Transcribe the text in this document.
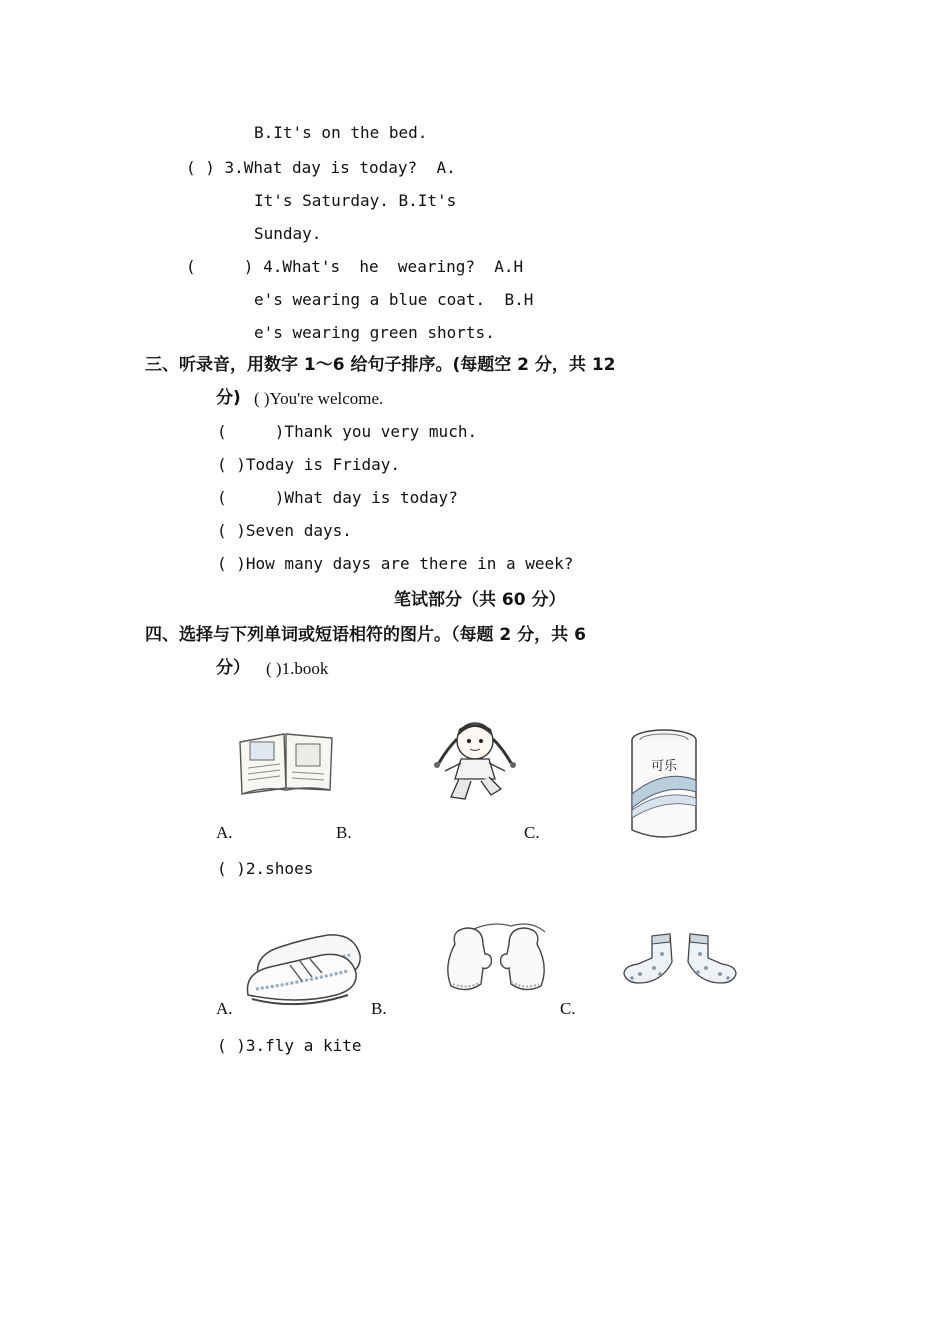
B.It's on the bed.
( ) 3.What day is today?  A.
It's Saturday. B.It's
Sunday.
(     ) 4.What's  he  wearing?  A.H
e's wearing a blue coat.  B.H
e's wearing green shorts.
三、听录音，用数字 1～6 给句子排序。(每题空 2 分，共 12
分) ( )You're welcome.
(     )Thank you very much.
( )Today is Friday.
(     )What day is today?
( )Seven days.
( )How many days are there in a week?
笔试部分（共 60 分）
四、选择与下列单词或短语相符的图片。（每题 2 分，共 6
分） ( )1.book
可乐
A.	B.	C.
( )2.shoes
A.	B.	C.
( )3.fly a kite
